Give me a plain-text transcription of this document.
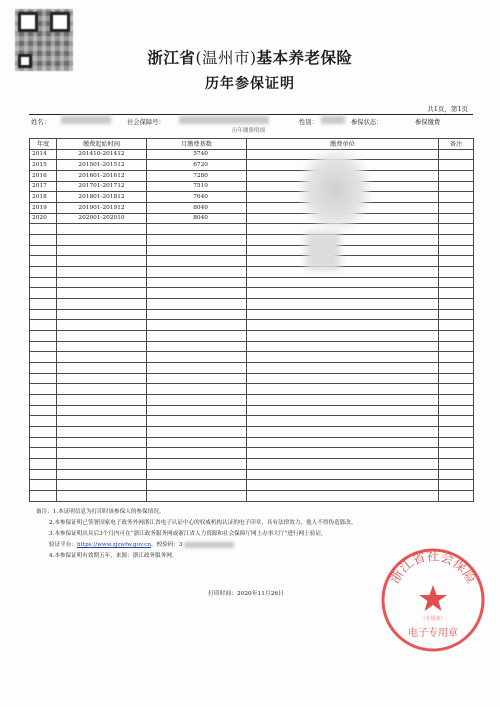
浙江省(温州市)基本养老保险
历年参保证明
共1页，第1页
姓名：	社会保障号：	性别：	参保状态：	参保缴费
历年缴费明细
年度	缴费起始时间	月缴费基数	缴费单位	备注
2014	201410-201412	5740		
2015	201501-201512	6720		
2016	201601-201612	7280		
2017	201701-201712	7510		
2018	201801-201812	7640		
2019	201901-201912	8040		
2020	202001-202010	8040		

备注：1.本证明信息为打印时该参保人的参保情况。
2.本参保证明已签署国家电子政务外网浙江省电子认证中心的权威机构认证的电子印章，具有法律效力，他人不得伪造篡改。
3.本参保证明出具后3个月内可在“浙江政务服务网或浙江省人力资源和社会保障厅网上办事大厅”进行网上验证，
验证平台：https://www.zjzwfw.gov.cn，校验码：3
4.本参保证明有效期五年，来源：浙江政务服务网。
打印时间：2020年11月26日
浙江省社会保险
（专用章）
电子专用章
